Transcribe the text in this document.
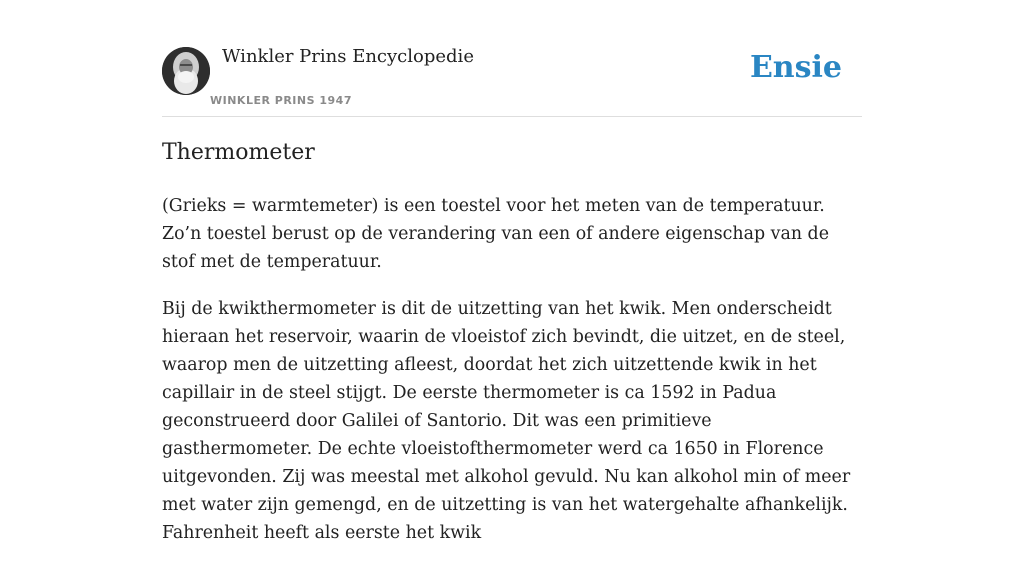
Winkler Prins Encyclopedie
WINKLER PRINS 1947
Ensie
Thermometer

(Grieks = warmtemeter) is een toestel voor het meten van de temperatuur. Zo’n toestel berust op de verandering van een of andere eigenschap van de stof met de temperatuur.

Bij de kwikthermometer is dit de uitzetting van het kwik. Men onderscheidt hieraan het reservoir, waarin de vloeistof zich bevindt, die uitzet, en de steel, waarop men de uitzetting afleest, doordat het zich uitzettende kwik in het capillair in de steel stijgt. De eerste thermometer is ca 1592 in Padua geconstrueerd door Galilei of Santorio. Dit was een primitieve gasthermometer. De echte vloeistofthermometer werd ca 1650 in Florence uitgevonden. Zij was meestal met alkohol gevuld. Nu kan alkohol min of meer met water zijn gemengd, en de uitzetting is van het watergehalte afhankelijk. Fahrenheit heeft als eerste het kwik
